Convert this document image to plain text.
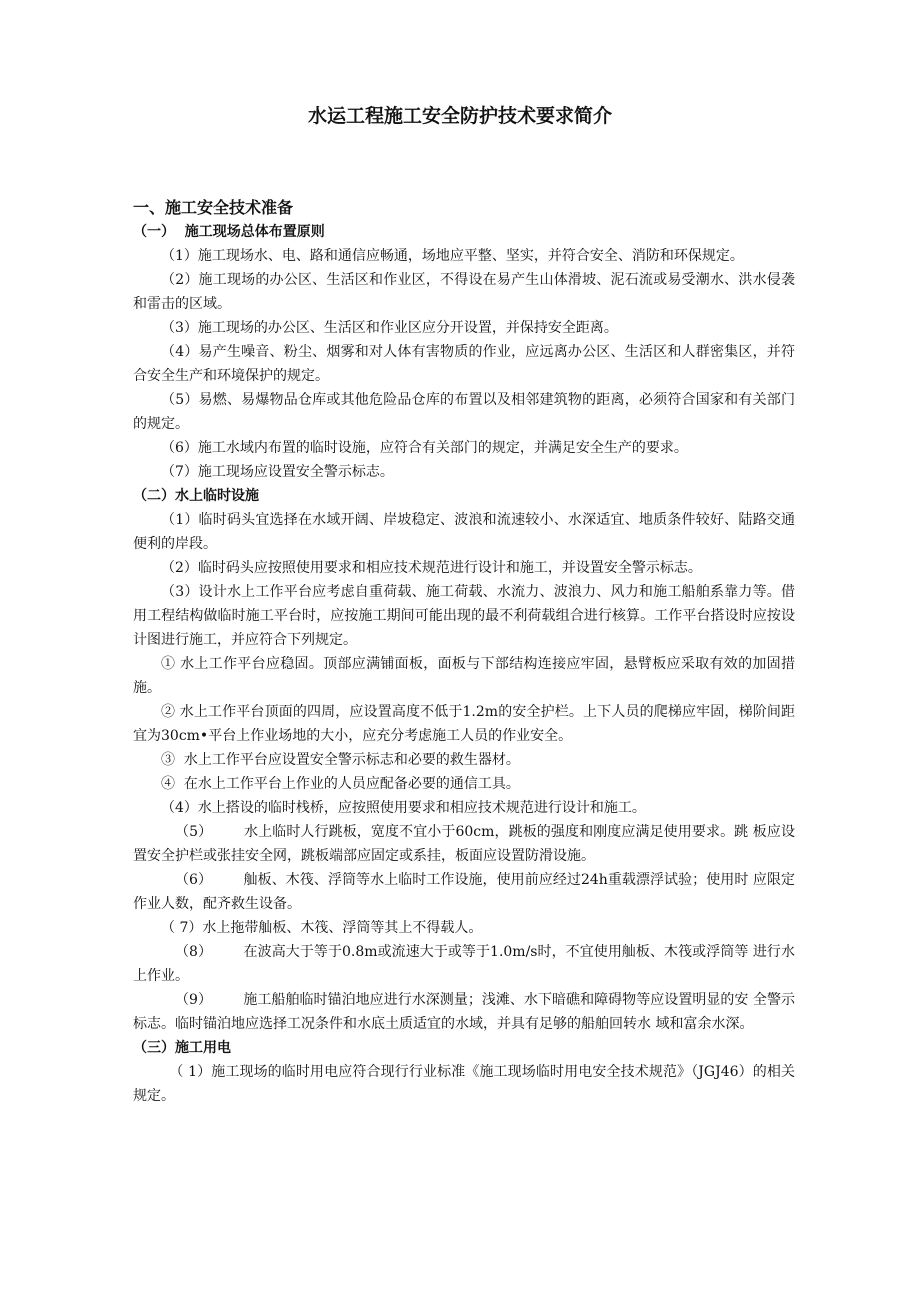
水运工程施工安全防护技术要求简介

一、施工安全技术准备

（一）  施工现场总体布置原则

（1）施工现场水、电、路和通信应畅通，场地应平整、坚实，并符合安全、消防和环保规定。

（2）施工现场的办公区、生活区和作业区，不得设在易产生山体滑坡、泥石流或易受潮水、洪水侵袭和雷击的区域。

（3）施工现场的办公区、生活区和作业区应分开设置，并保持安全距离。

（4）易产生噪音、粉尘、烟雾和对人体有害物质的作业，应远离办公区、生活区和人群密集区，并符合安全生产和环境保护的规定。

（5）易燃、易爆物品仓库或其他危险品仓库的布置以及相邻建筑物的距离，必须符合国家和有关部门的规定。

（6）施工水域内布置的临时设施，应符合有关部门的规定，并满足安全生产的要求。

（7）施工现场应设置安全警示标志。

（二）水上临时设施

（1）临时码头宜选择在水域开阔、岸坡稳定、波浪和流速较小、水深适宜、地质条件较好、陆路交通便利的岸段。

（2）临时码头应按照使用要求和相应技术规范进行设计和施工，并设置安全警示标志。

（3）设计水上工作平台应考虑自重荷载、施工荷载、水流力、波浪力、风力和施工船舶系靠力等。借用工程结构做临时施工平台时，应按施工期间可能出现的最不利荷载组合进行核算。工作平台搭设时应按设计图进行施工，并应符合下列规定。

① 水上工作平台应稳固。顶部应满铺面板，面板与下部结构连接应牢固，悬臂板应采取有效的加固措施。

② 水上工作平台顶面的四周，应设置高度不低于1.2m的安全护栏。上下人员的爬梯应牢固，梯阶间距宜为30cm•平台上作业场地的大小，应充分考虑施工人员的作业安全。

③  水上工作平台应设置安全警示标志和必要的救生器材。

④  在水上工作平台上作业的人员应配备必要的通信工具。

（4）水上搭设的临时栈桥，应按照使用要求和相应技术规范进行设计和施工。

（5）       水上临时人行跳板，宽度不宜小于60cm，跳板的强度和刚度应满足使用要求。跳 板应设置安全护栏或张挂安全网，跳板端部应固定或系挂，板面应设置防滑设施。

（6）       舢板、木筏、浮筒等水上临时工作设施，使用前应经过24h重载漂浮试验；使用时 应限定作业人数，配齐救生设备。

（ 7）水上拖带舢板、木筏、浮筒等其上不得载人。

（8）       在波高大于等于0.8m或流速大于或等于1.0m/s时，不宜使用舢板、木筏或浮筒等 进行水上作业。

（9）       施工船舶临时锚泊地应进行水深测量；浅滩、水下暗礁和障碍物等应设置明显的安 全警示标志。临时锚泊地应选择工况条件和水底土质适宜的水域，并具有足够的船舶回转水 域和富余水深。

（三）施工用电

（ 1）施工现场的临时用电应符合现行行业标准《施工现场临时用电安全技术规范》（JGJ46）的相关规定。
